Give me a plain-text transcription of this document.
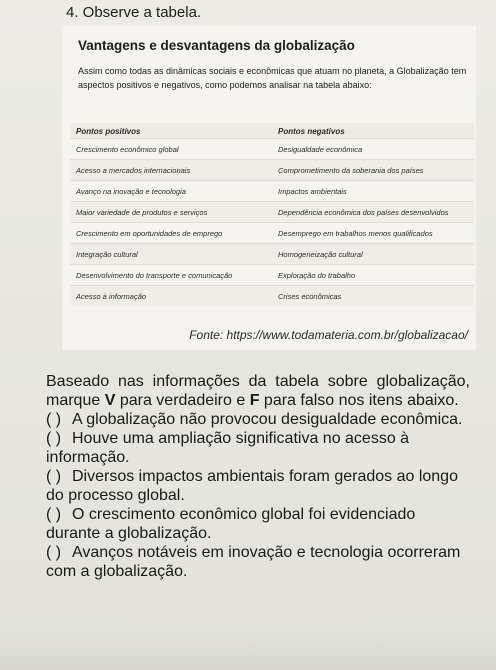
4. Observe a tabela.
Vantagens e desvantagens da globalização
Assim como todas as dinâmicas sociais e econômicas que atuam no planeta, a Globalização tem aspectos positivos e negativos, como podemos analisar na tabela abaixo:
Pontos positivos	Pontos negativos
Crescimento econômico global	Desigualdade econômica
Acesso a mercados internacionais	Comprometimento da soberania dos países
Avanço na inovação e tecnologia	Impactos ambientais
Maior variedade de produtos e serviços	Dependência econômica dos países desenvolvidos
Crescimento em oportunidades de emprego	Desemprego em trabalhos menos qualificados
Integração cultural	Homogeneização cultural
Desenvolvimento do transporte e comunicação	Exploração do trabalho
Acesso à informação	Crises econômicas
Fonte: https://www.todamateria.com.br/globalizacao/

Baseado nas informações da tabela sobre globalização, marque V para verdadeiro e F para falso nos itens abaixo.

( ) A globalização não provocou desigualdade econômica.

( ) Houve uma ampliação significativa no acesso à informação.

( ) Diversos impactos ambientais foram gerados ao longo do processo global.

( ) O crescimento econômico global foi evidenciado durante a globalização.

( ) Avanços notáveis em inovação e tecnologia ocorreram com a globalização.
